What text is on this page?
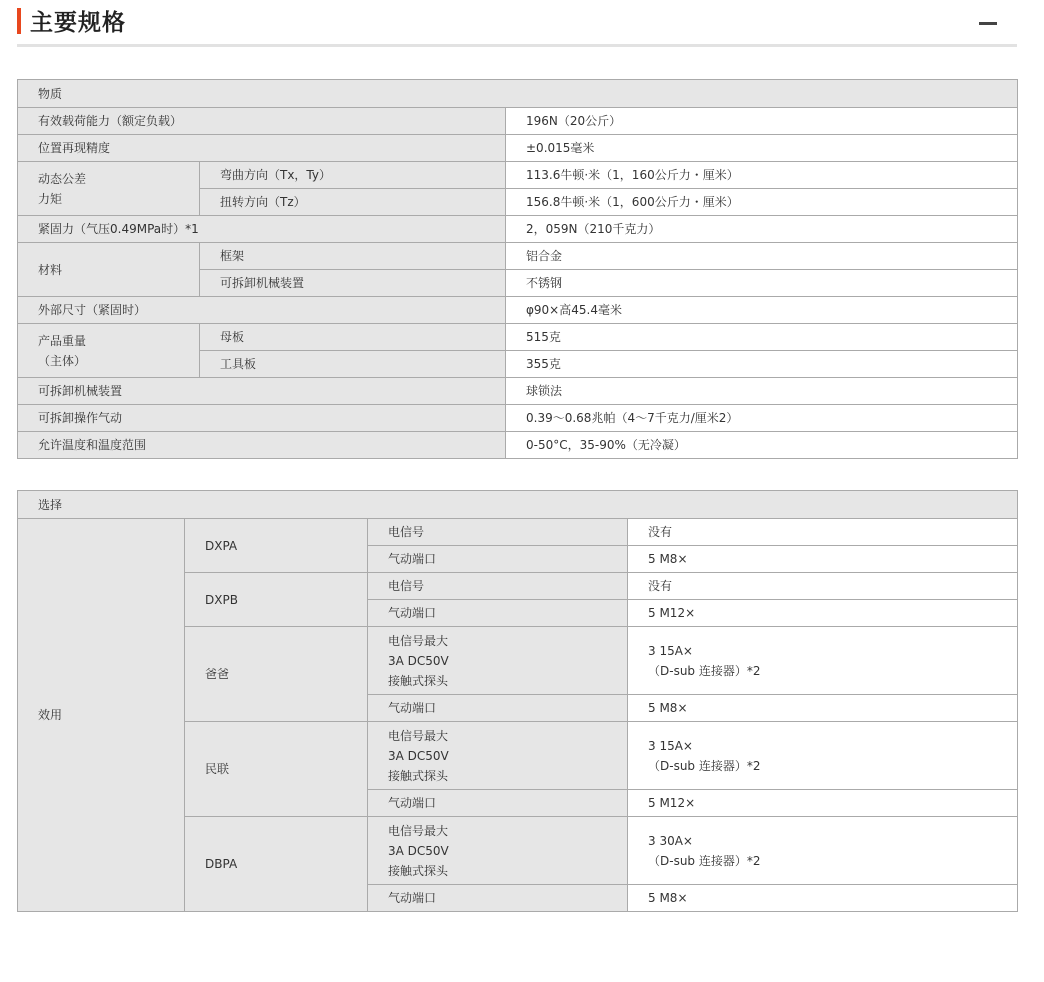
主要规格
物质		
有效载荷能力（额定负载）		196N（20公斤）
位置再现精度		±0.015毫米

动态公差
力矩	弯曲方向（Tx，Ty）	113.6牛顿·米（1，160公斤力・厘米）
	扭转方向（Tz）	156.8牛顿·米（1，600公斤力・厘米）
紧固力（气压0.49MPa时）*1		2，059N（210千克力）
材料	框架	铝合金
	可拆卸机械装置	不锈钢
外部尺寸（紧固时）		φ90×高45.4毫米

产品重量
（主体）	母板	515克
	工具板	355克
可拆卸机械装置		球锁法
可拆卸操作气动		0.39～0.68兆帕（4～7千克力/厘米2）
允许温度和温度范围		0-50°C，35-90%（无冷凝）
选择			
效用	DXPA	电信号	没有
		气动端口	5 M8×
	DXPB	电信号	没有
		气动端口	5 M12×
	爸爸	电信号最大
3A DC50V
接触式探头	3 15A×
（D-sub 连接器）*2

		气动端口	5 M8×
	民联	电信号最大
3A DC50V
接触式探头	3 15A×
（D-sub 连接器）*2

		气动端口	5 M12×
	DBPA	电信号最大
3A DC50V
接触式探头	3 30A×
（D-sub 连接器）*2

		气动端口	5 M8×
